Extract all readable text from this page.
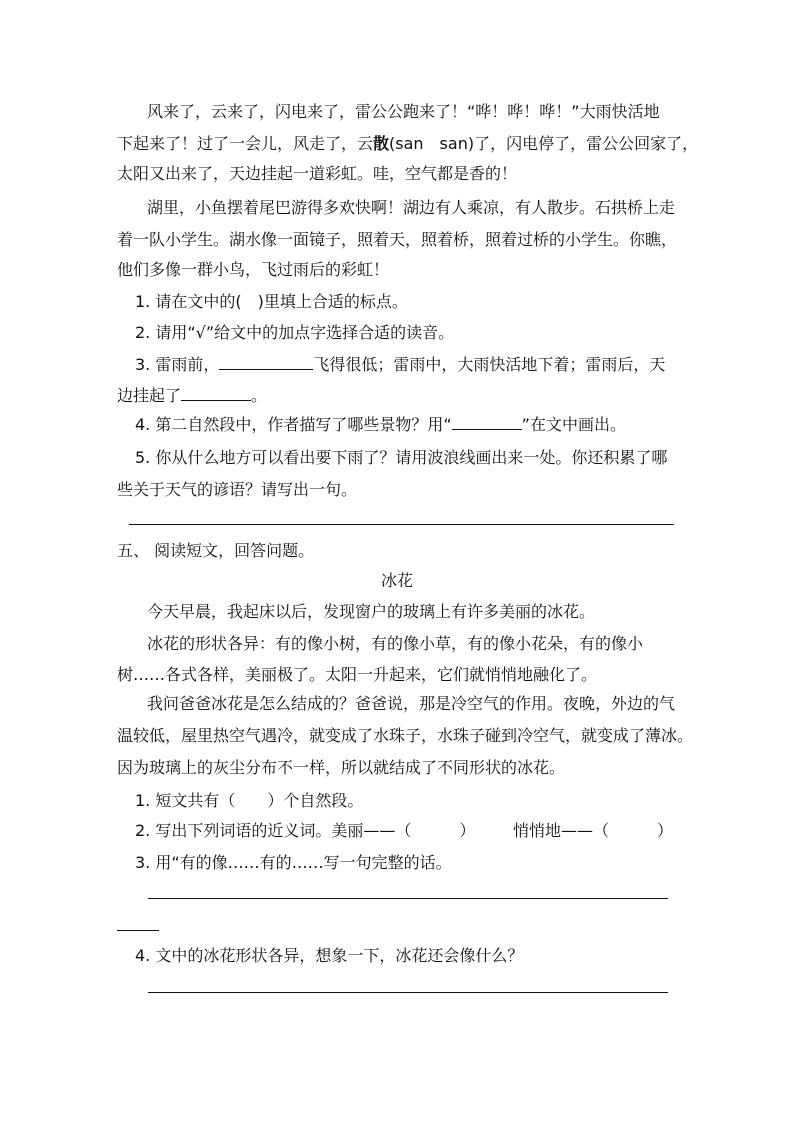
风来了，云来了，闪电来了，雷公公跑来了！“哗！哗！哗！”大雨快活地
下起来了！过了一会儿，风走了，云散(san　san)了，闪电停了，雷公公回家了，
太阳又出来了，天边挂起一道彩虹。哇，空气都是香的！
湖里，小鱼摆着尾巴游得多欢快啊！湖边有人乘凉，有人散步。石拱桥上走
着一队小学生。湖水像一面镜子，照着天，照着桥，照着过桥的小学生。你瞧，
他们多像一群小鸟，飞过雨后的彩虹！
1. 请在文中的(　)里填上合适的标点。
2. 请用“√”给文中的加点字选择合适的读音。
3. 雷雨前，	飞得很低；雷雨中，大雨快活地下着；雷雨后，天
边挂起了	。
4. 第二自然段中，作者描写了哪些景物？用“	”在文中画出。
5. 你从什么地方可以看出要下雨了？请用波浪线画出来一处。你还积累了哪
些关于天气的谚语？请写出一句。
五、 阅读短文，回答问题。
冰花
今天早晨，我起床以后，发现窗户的玻璃上有许多美丽的冰花。
冰花的形状各异：有的像小树，有的像小草，有的像小花朵，有的像小
树……各式各样，美丽极了。太阳一升起来，它们就悄悄地融化了。
我问爸爸冰花是怎么结成的？爸爸说，那是冷空气的作用。夜晚，外边的气
温较低，屋里热空气遇冷，就变成了水珠子，水珠子碰到冷空气，就变成了薄冰。
因为玻璃上的灰尘分布不一样，所以就结成了不同形状的冰花。
1. 短文共有（　　）个自然段。
2. 写出下列词语的近义词。美丽——（　　　） 悄悄地——（　　　）
3. 用“有的像……有的……写一句完整的话。
4. 文中的冰花形状各异，想象一下，冰花还会像什么？
